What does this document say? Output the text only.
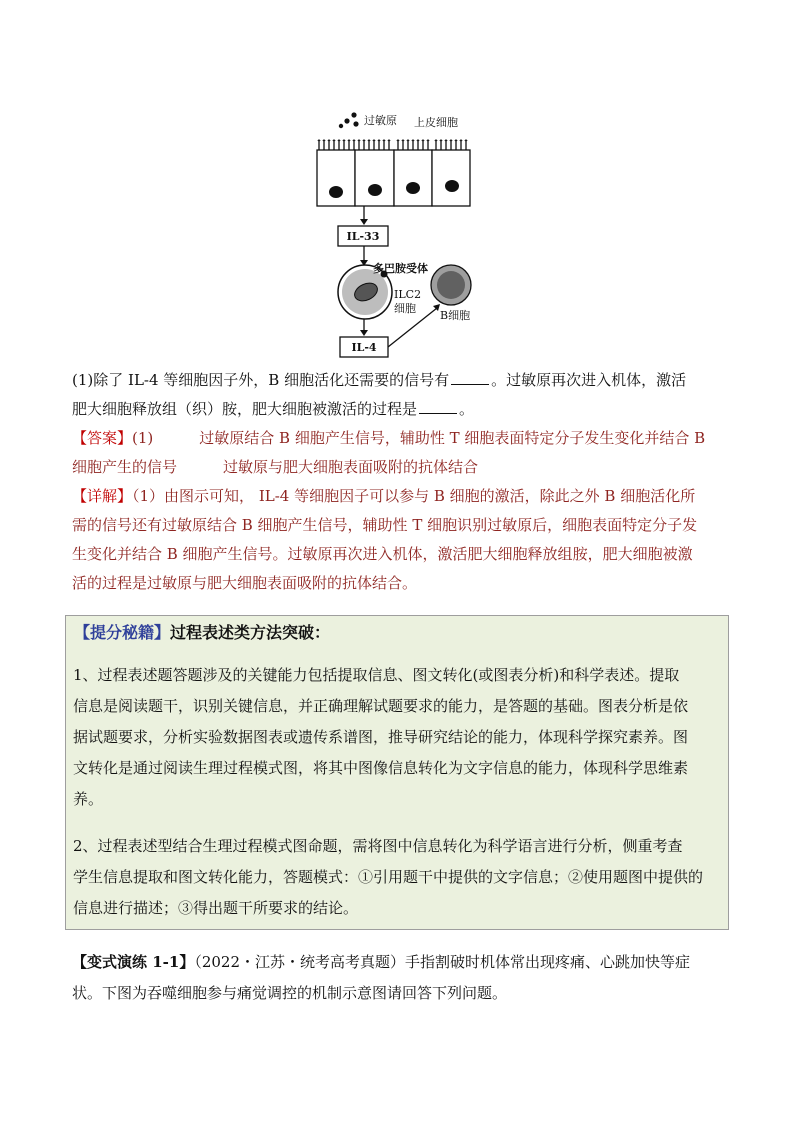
过敏原 上皮细胞
IL-33
多巴胺受体
ILC2
细胞
B细胞
IL-4
(1)除了 IL-4 等细胞因子外，B 细胞活化还需要的信号有	。过敏原再次进入机体，激活
肥大细胞释放组（织）胺，肥大细胞被激活的过程是	。
【答案】(1)	过敏原结合 B 细胞产生信号，辅助性 T 细胞表面特定分子发生变化并结合 B
细胞产生的信号	过敏原与肥大细胞表面吸附的抗体结合
【详解】（1）由图示可知， IL-4 等细胞因子可以参与 B 细胞的激活，除此之外 B 细胞活化所
需的信号还有过敏原结合 B 细胞产生信号，辅助性 T 细胞识别过敏原后，细胞表面特定分子发
生变化并结合 B 细胞产生信号。过敏原再次进入机体，激活肥大细胞释放组胺，肥大细胞被激
活的过程是过敏原与肥大细胞表面吸附的抗体结合。
【提分秘籍】过程表述类方法突破：
1、过程表述题答题涉及的关键能力包括提取信息、图文转化(或图表分析)和科学表述。提取
信息是阅读题干，识别关键信息，并正确理解试题要求的能力，是答题的基础。图表分析是依
据试题要求，分析实验数据图表或遗传系谱图，推导研究结论的能力，体现科学探究素养。图
文转化是通过阅读生理过程模式图，将其中图像信息转化为文字信息的能力，体现科学思维素
养。
2、过程表述型结合生理过程模式图命题，需将图中信息转化为科学语言进行分析，侧重考查
学生信息提取和图文转化能力，答题模式：①引用题干中提供的文字信息；②使用题图中提供的
信息进行描述；③得出题干所要求的结论。
【变式演练 1-1】（2022・江苏・统考高考真题）手指割破时机体常出现疼痛、心跳加快等症
状。下图为吞噬细胞参与痛觉调控的机制示意图请回答下列问题。
